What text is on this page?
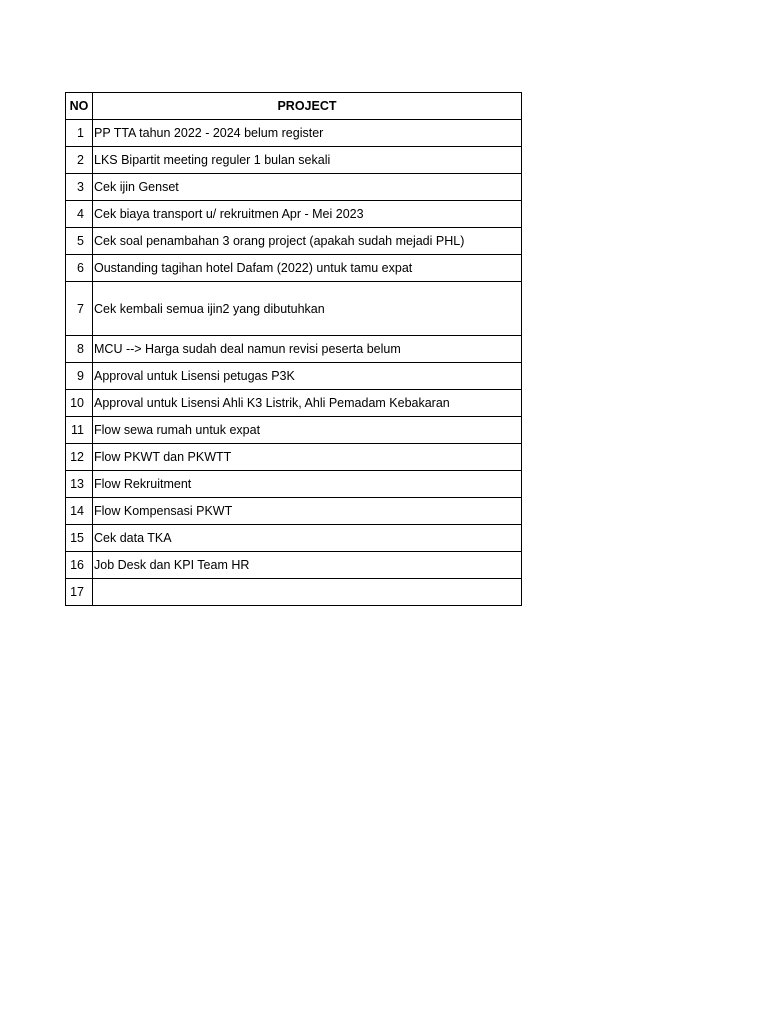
NO	PROJECT
1	PP TTA tahun 2022 - 2024 belum register
2	LKS Bipartit meeting reguler 1 bulan sekali
3	Cek ijin Genset
4	Cek biaya transport u/ rekruitmen Apr - Mei 2023
5	Cek soal penambahan 3 orang project (apakah sudah mejadi PHL)
6	Oustanding tagihan hotel Dafam (2022) untuk tamu expat
7	Cek kembali semua ijin2 yang dibutuhkan
8	MCU --> Harga sudah deal namun revisi peserta belum
9	Approval untuk Lisensi petugas P3K
10	Approval untuk Lisensi Ahli K3 Listrik, Ahli Pemadam Kebakaran
11	Flow sewa rumah untuk expat
12	Flow PKWT dan PKWTT
13	Flow Rekruitment
14	Flow Kompensasi PKWT
15	Cek data TKA
16	Job Desk dan KPI Team HR
17	
